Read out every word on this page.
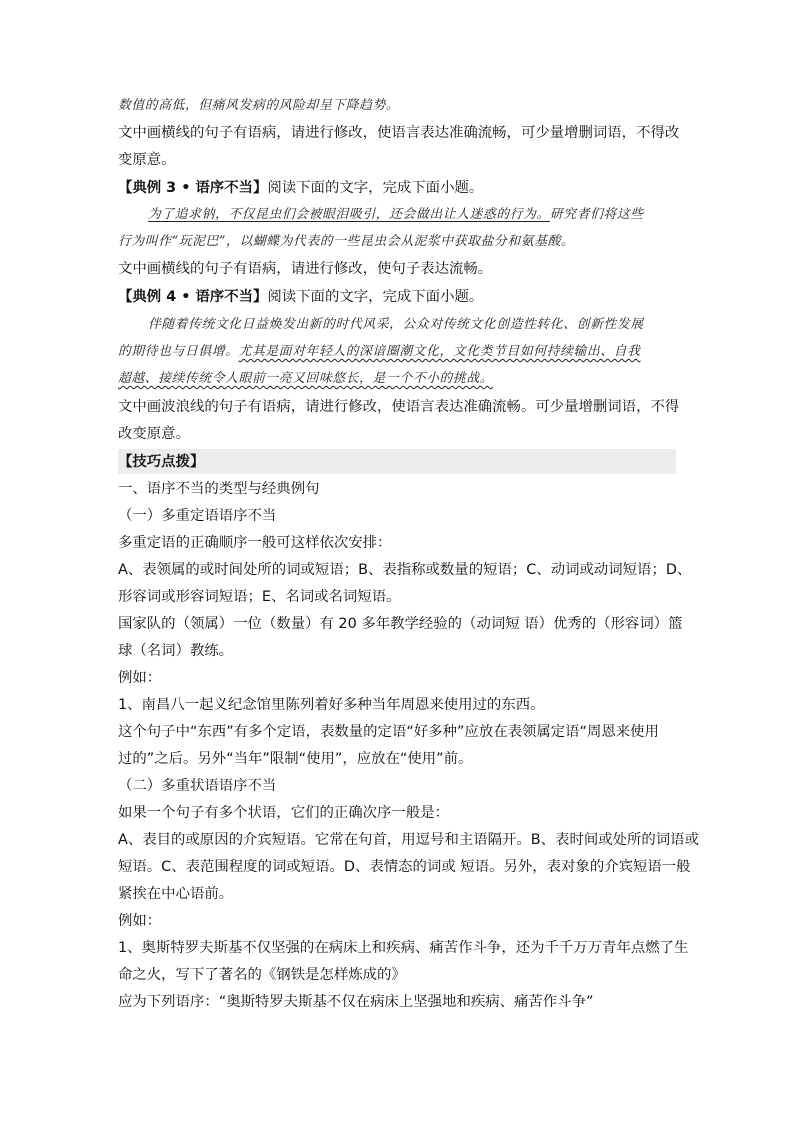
数值的高低，但痛风发病的风险却呈下降趋势。
文中画横线的句子有语病，请进行修改，使语言表达准确流畅，可少量增删词语，不得改
变原意。
【典例 3 • 语序不当】阅读下面的文字，完成下面小题。
为了追求钠，不仅昆虫们会被眼泪吸引，还会做出让人迷惑的行为。研究者们将这些
行为叫作“玩泥巴”，以蝴蝶为代表的一些昆虫会从泥浆中获取盐分和氨基酸。
文中画横线的句子有语病，请进行修改，使句子表达流畅。
【典例 4 • 语序不当】阅读下面的文字，完成下面小题。
伴随着传统文化日益焕发出新的时代风采，公众对传统文化创造性转化、创新性发展
的期待也与日俱增。尤其是面对年轻人的深谙圈潮文化，文化类节目如何持续输出、自我
超越、接续传统令人眼前一亮又回味悠长，是一个不小的挑战。
文中画波浪线的句子有语病，请进行修改，使语言表达准确流畅。可少量增删词语，不得
改变原意。
【技巧点拨】
一、语序不当的类型与经典例句
（一）多重定语语序不当
多重定语的正确顺序一般可这样依次安排：
A、表领属的或时间处所的词或短语；B、表指称或数量的短语；C、动词或动词短语；D、
形容词或形容词短语；E、名词或名词短语。
国家队的（领属）一位（数量）有 20 多年教学经验的（动词短 语）优秀的（形容词）篮
球（名词）教练。
例如：
1、南昌八一起义纪念馆里陈列着好多种当年周恩来使用过的东西。
这个句子中“东西”有多个定语，表数量的定语“好多种”应放在表领属定语“周恩来使用
过的”之后。另外“当年”限制“使用”，应放在“使用”前。
（二）多重状语语序不当
如果一个句子有多个状语，它们的正确次序一般是：
A、表目的或原因的介宾短语。它常在句首，用逗号和主语隔开。B、表时间或处所的词语或
短语。C、表范围程度的词或短语。D、表情态的词或 短语。另外，表对象的介宾短语一般
紧挨在中心语前。
例如：
1、奥斯特罗夫斯基不仅坚强的在病床上和疾病、痛苦作斗争，还为千千万万青年点燃了生
命之火，写下了著名的《钢铁是怎样炼成的》
应为下列语序：“奥斯特罗夫斯基不仅在病床上坚强地和疾病、痛苦作斗争”
